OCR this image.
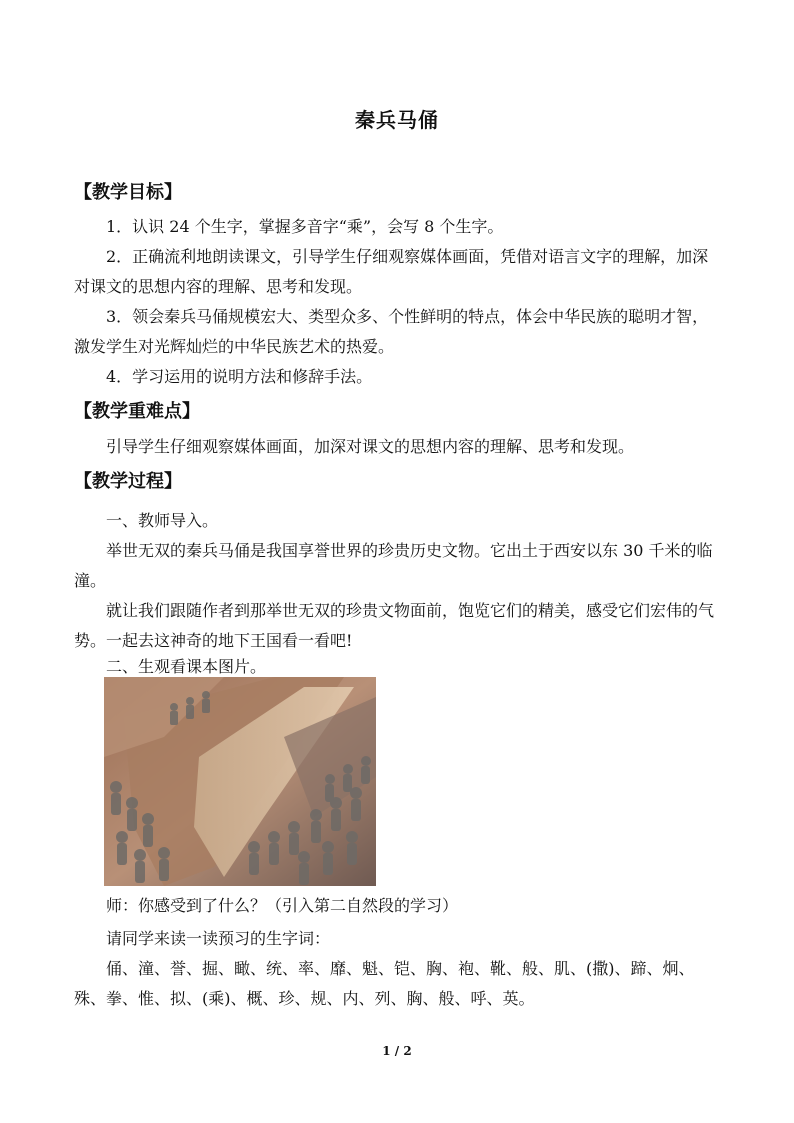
秦兵马俑
【教学目标】
1．认识 24 个生字，掌握多音字“乘”，会写 8 个生字。
2．正确流利地朗读课文，引导学生仔细观察媒体画面，凭借对语言文字的理解，加深对课文的思想内容的理解、思考和发现。
3．领会秦兵马俑规模宏大、类型众多、个性鲜明的特点，体会中华民族的聪明才智，激发学生对光辉灿烂的中华民族艺术的热爱。
4．学习运用的说明方法和修辞手法。
【教学重难点】
引导学生仔细观察媒体画面，加深对课文的思想内容的理解、思考和发现。
【教学过程】
一、教师导入。
举世无双的秦兵马俑是我国享誉世界的珍贵历史文物。它出土于西安以东 30 千米的临潼。
就让我们跟随作者到那举世无双的珍贵文物面前，饱览它们的精美，感受它们宏伟的气势。一起去这神奇的地下王国看一看吧!
二、生观看课本图片。
师：你感受到了什么？（引入第二自然段的学习）
请同学来读一读预习的生字词：
俑、潼、誉、掘、瞰、统、率、靡、魁、铠、胸、袍、靴、般、肌、(撒)、蹄、炯、殊、拳、惟、拟、(乘)、概、珍、规、内、列、胸、般、呼、英。
1 / 2
